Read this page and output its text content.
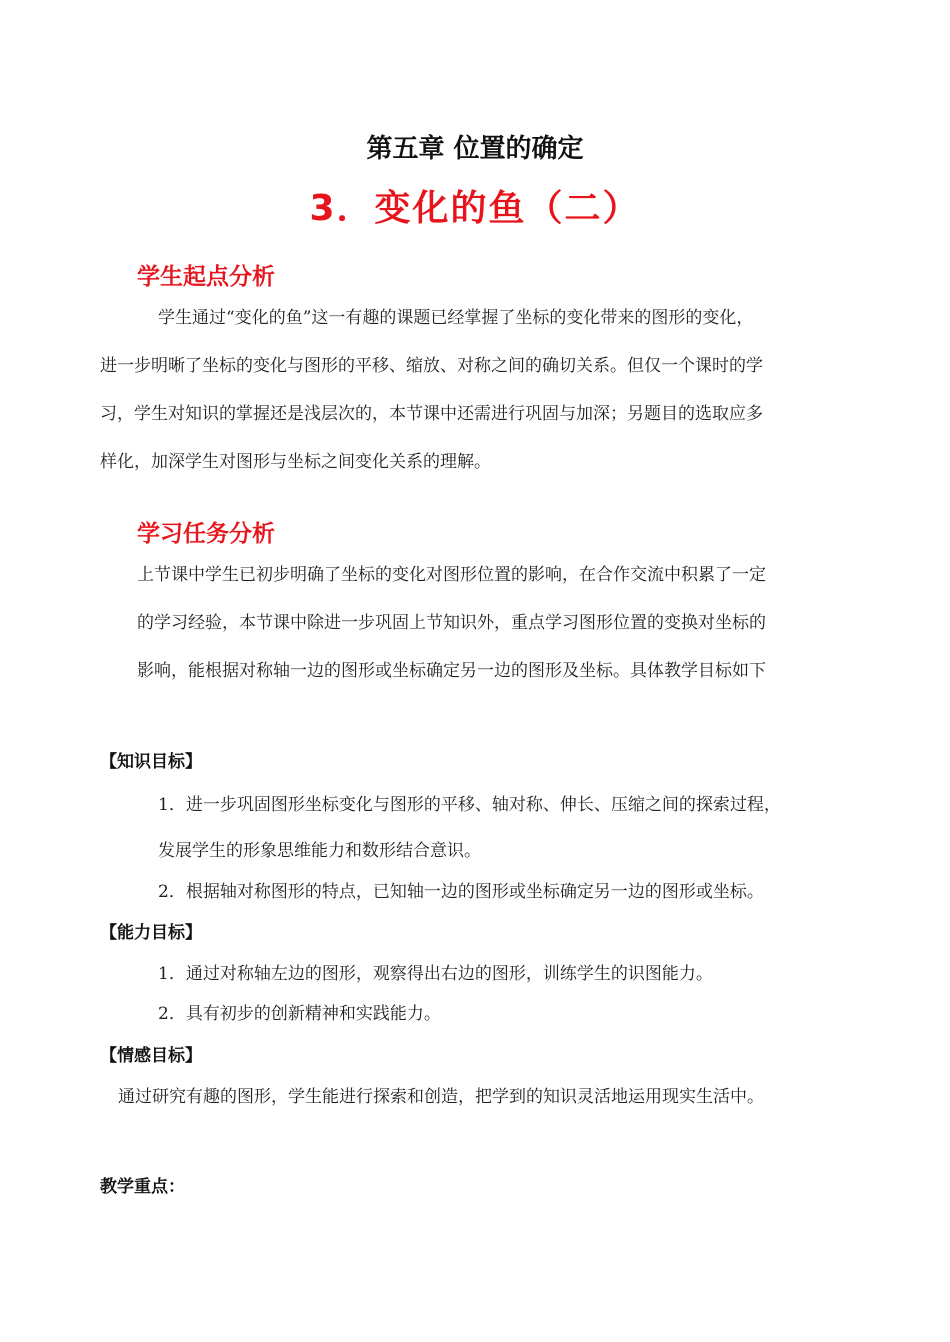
第五章 位置的确定
3．变化的鱼（二）
学生起点分析
学生通过“变化的鱼”这一有趣的课题已经掌握了坐标的变化带来的图形的变化，
进一步明晰了坐标的变化与图形的平移、缩放、对称之间的确切关系。但仅一个课时的学
习，学生对知识的掌握还是浅层次的，本节课中还需进行巩固与加深；另题目的选取应多
样化，加深学生对图形与坐标之间变化关系的理解。
学习任务分析
上节课中学生已初步明确了坐标的变化对图形位置的影响，在合作交流中积累了一定
的学习经验，本节课中除进一步巩固上节知识外，重点学习图形位置的变换对坐标的
影响，能根据对称轴一边的图形或坐标确定另一边的图形及坐标。具体教学目标如下
【知识目标】
1．进一步巩固图形坐标变化与图形的平移、轴对称、伸长、压缩之间的探索过程，
发展学生的形象思维能力和数形结合意识。
2．根据轴对称图形的特点，已知轴一边的图形或坐标确定另一边的图形或坐标。
【能力目标】
1．通过对称轴左边的图形，观察得出右边的图形，训练学生的识图能力。
2．具有初步的创新精神和实践能力。
【情感目标】
通过研究有趣的图形，学生能进行探索和创造，把学到的知识灵活地运用现实生活中。
教学重点：
